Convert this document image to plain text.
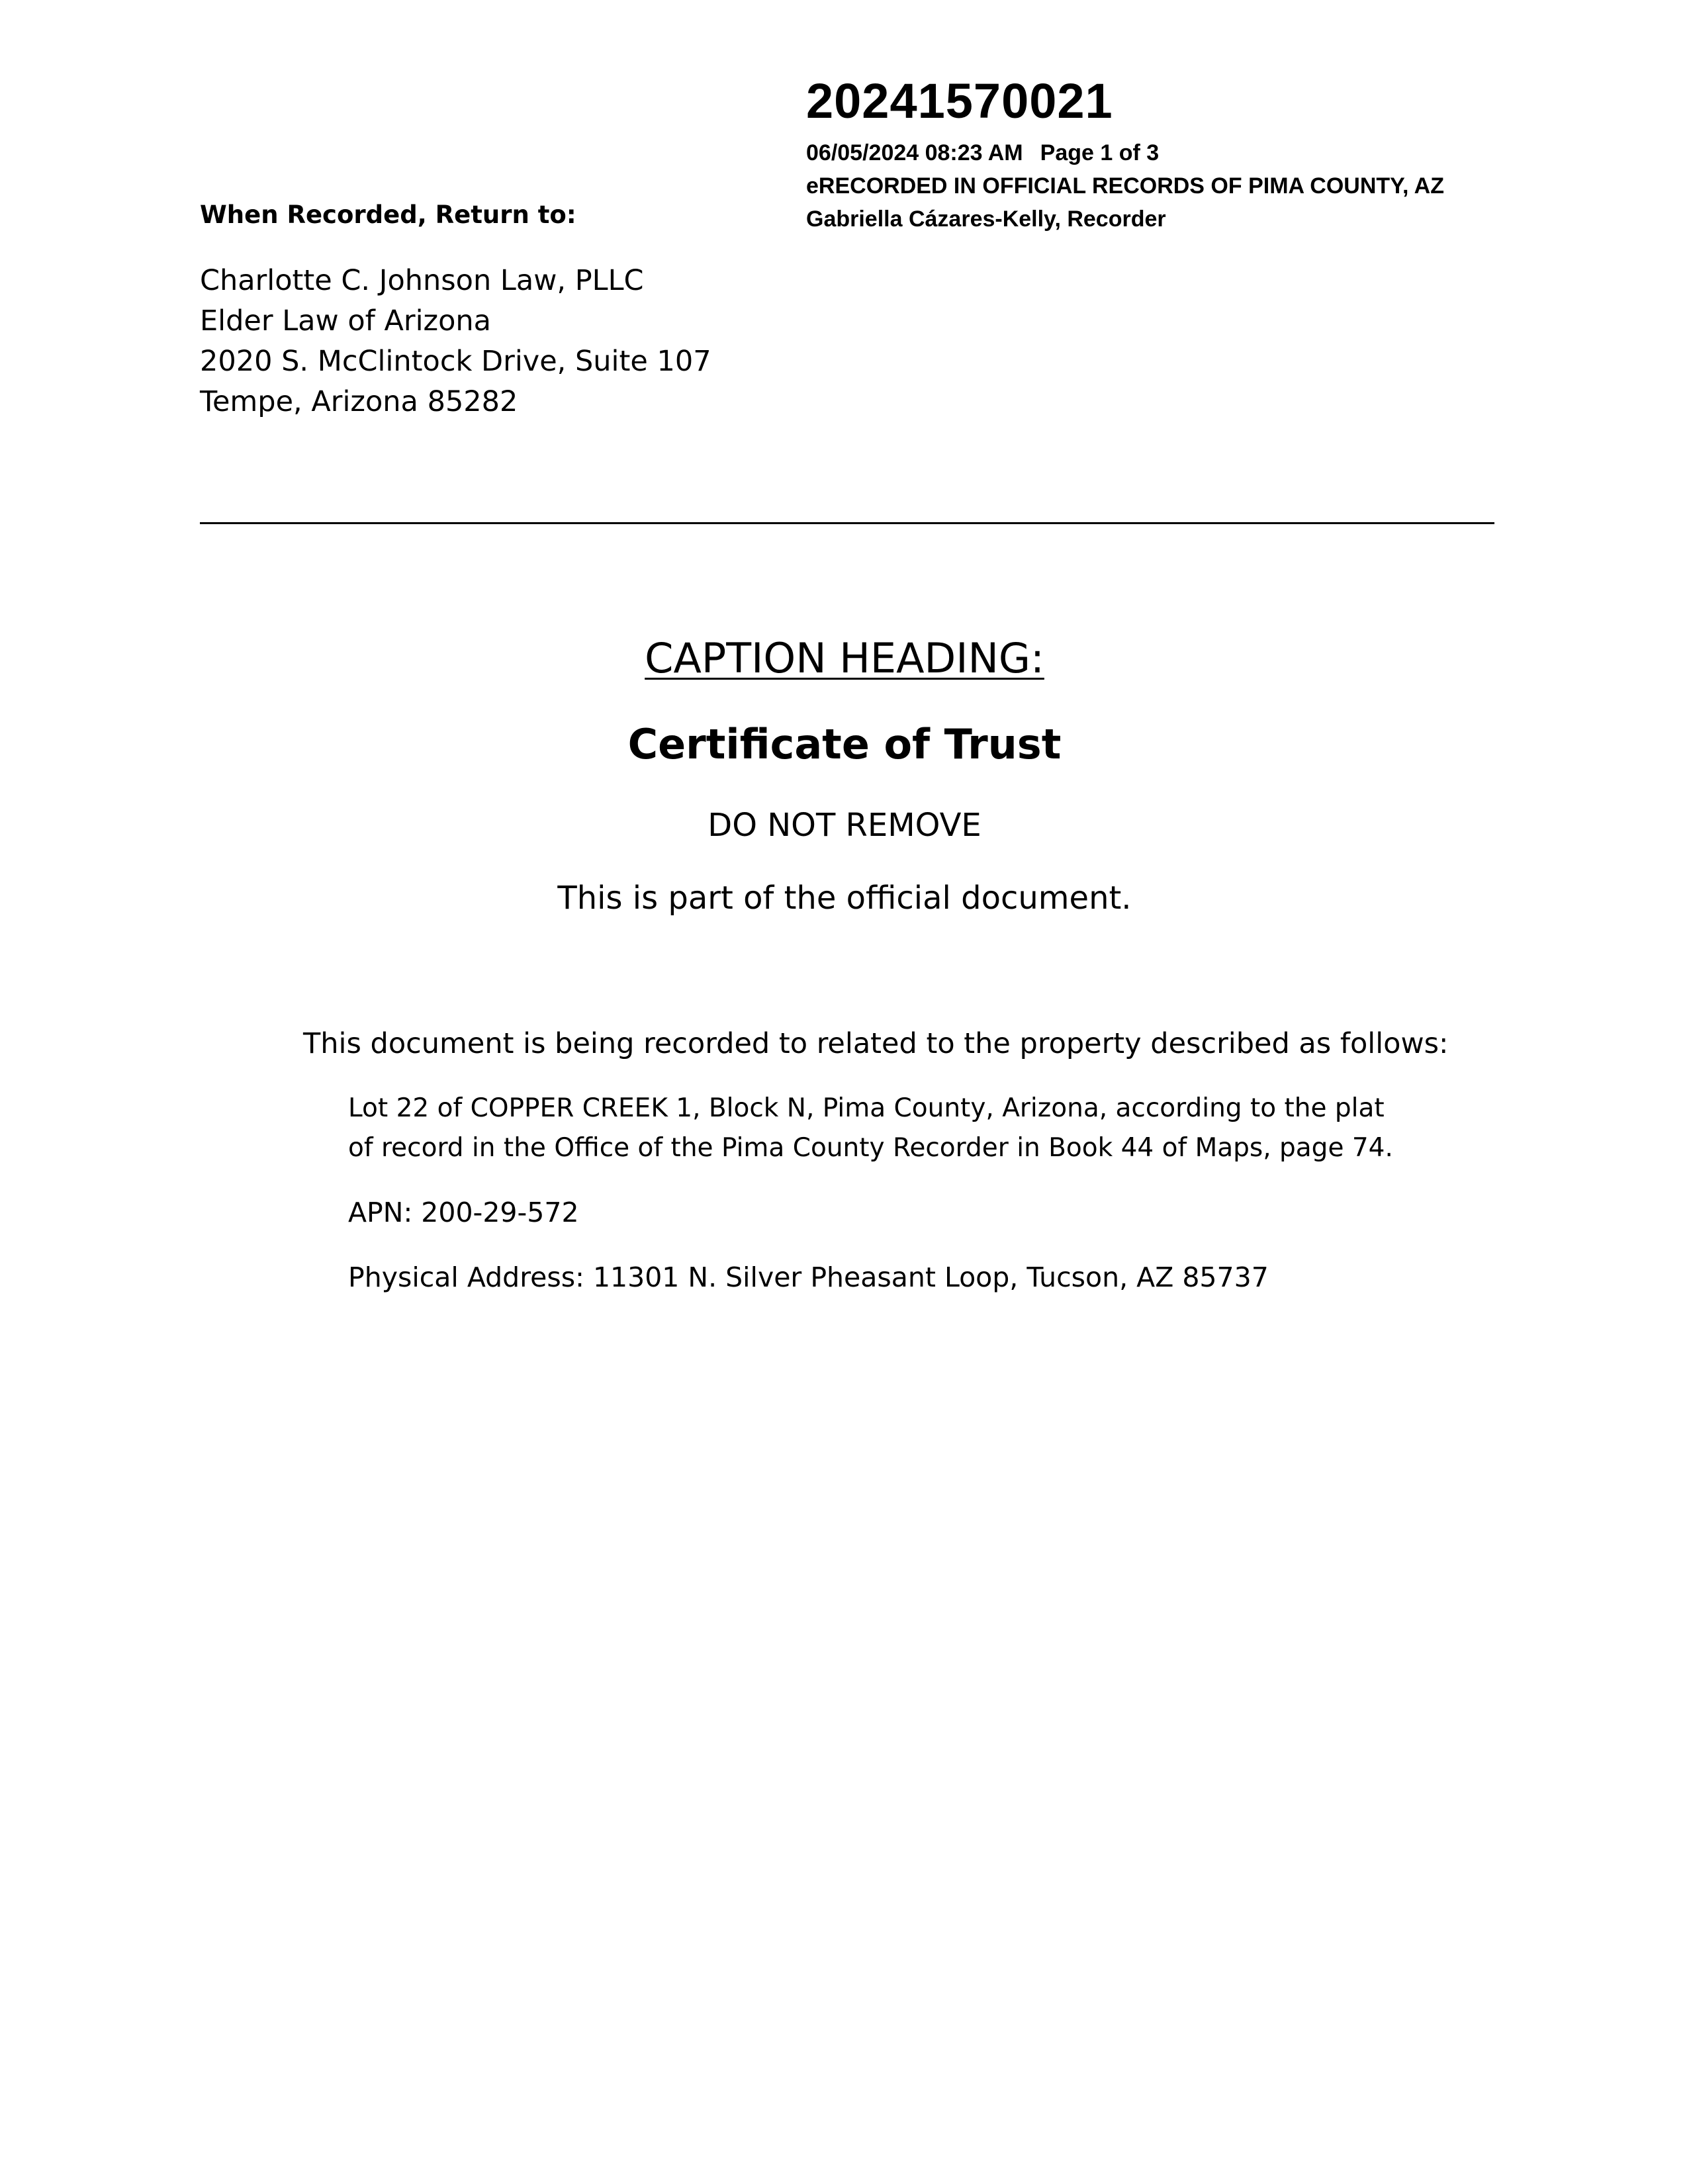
20241570021
06/05/2024 08:23 AM Page 1 of 3
eRECORDED IN OFFICIAL RECORDS OF PIMA COUNTY, AZ
Gabriella Cázares-Kelly, Recorder
When Recorded, Return to:
Charlotte C. Johnson Law, PLLC
Elder Law of Arizona
2020 S. McClintock Drive, Suite 107
Tempe, Arizona 85282
CAPTION HEADING:
Certificate of Trust
DO NOT REMOVE
This is part of the official document.
This document is being recorded to related to the property described as follows:
Lot 22 of COPPER CREEK 1, Block N, Pima County, Arizona, according to the plat
of record in the Office of the Pima County Recorder in Book 44 of Maps, page 74.
APN: 200-29-572
Physical Address: 11301 N. Silver Pheasant Loop, Tucson, AZ 85737
